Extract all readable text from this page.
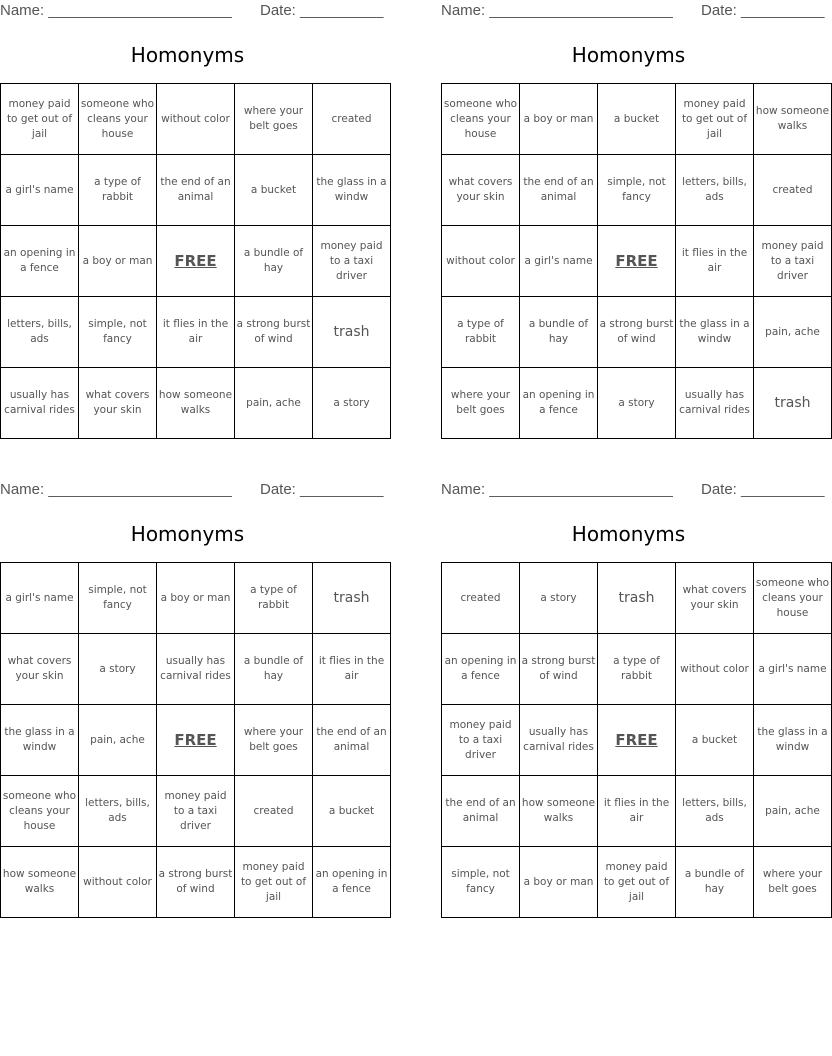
Name: ______________________ Date: __________
Homonyms
money paid to get out of jail	someone who cleans your house	without color	where your belt goes	created
a girl's name	a type of rabbit	the end of an animal	a bucket	the glass in a windw
an opening in a fence	a boy or man	FREE	a bundle of hay	money paid to a taxi driver
letters, bills, ads	simple, not fancy	it flies in the air	a strong burst of wind	trash
usually has carnival rides	what covers your skin	how someone walks	pain, ache	a story
Name: ______________________ Date: __________
Homonyms
someone who cleans your house	a boy or man	a bucket	money paid to get out of jail	how someone walks
what covers your skin	the end of an animal	simple, not fancy	letters, bills, ads	created
without color	a girl's name	FREE	it flies in the air	money paid to a taxi driver
a type of rabbit	a bundle of hay	a strong burst of wind	the glass in a windw	pain, ache
where your belt goes	an opening in a fence	a story	usually has carnival rides	trash
Name: ______________________ Date: __________
Homonyms
a girl's name	simple, not fancy	a boy or man	a type of rabbit	trash
what covers your skin	a story	usually has carnival rides	a bundle of hay	it flies in the air
the glass in a windw	pain, ache	FREE	where your belt goes	the end of an animal
someone who cleans your house	letters, bills, ads	money paid to a taxi driver	created	a bucket
how someone walks	without color	a strong burst of wind	money paid to get out of jail	an opening in a fence
Name: ______________________ Date: __________
Homonyms
created	a story	trash	what covers your skin	someone who cleans your house
an opening in a fence	a strong burst of wind	a type of rabbit	without color	a girl's name
money paid to a taxi driver	usually has carnival rides	FREE	a bucket	the glass in a windw
the end of an animal	how someone walks	it flies in the air	letters, bills, ads	pain, ache
simple, not fancy	a boy or man	money paid to get out of jail	a bundle of hay	where your belt goes
